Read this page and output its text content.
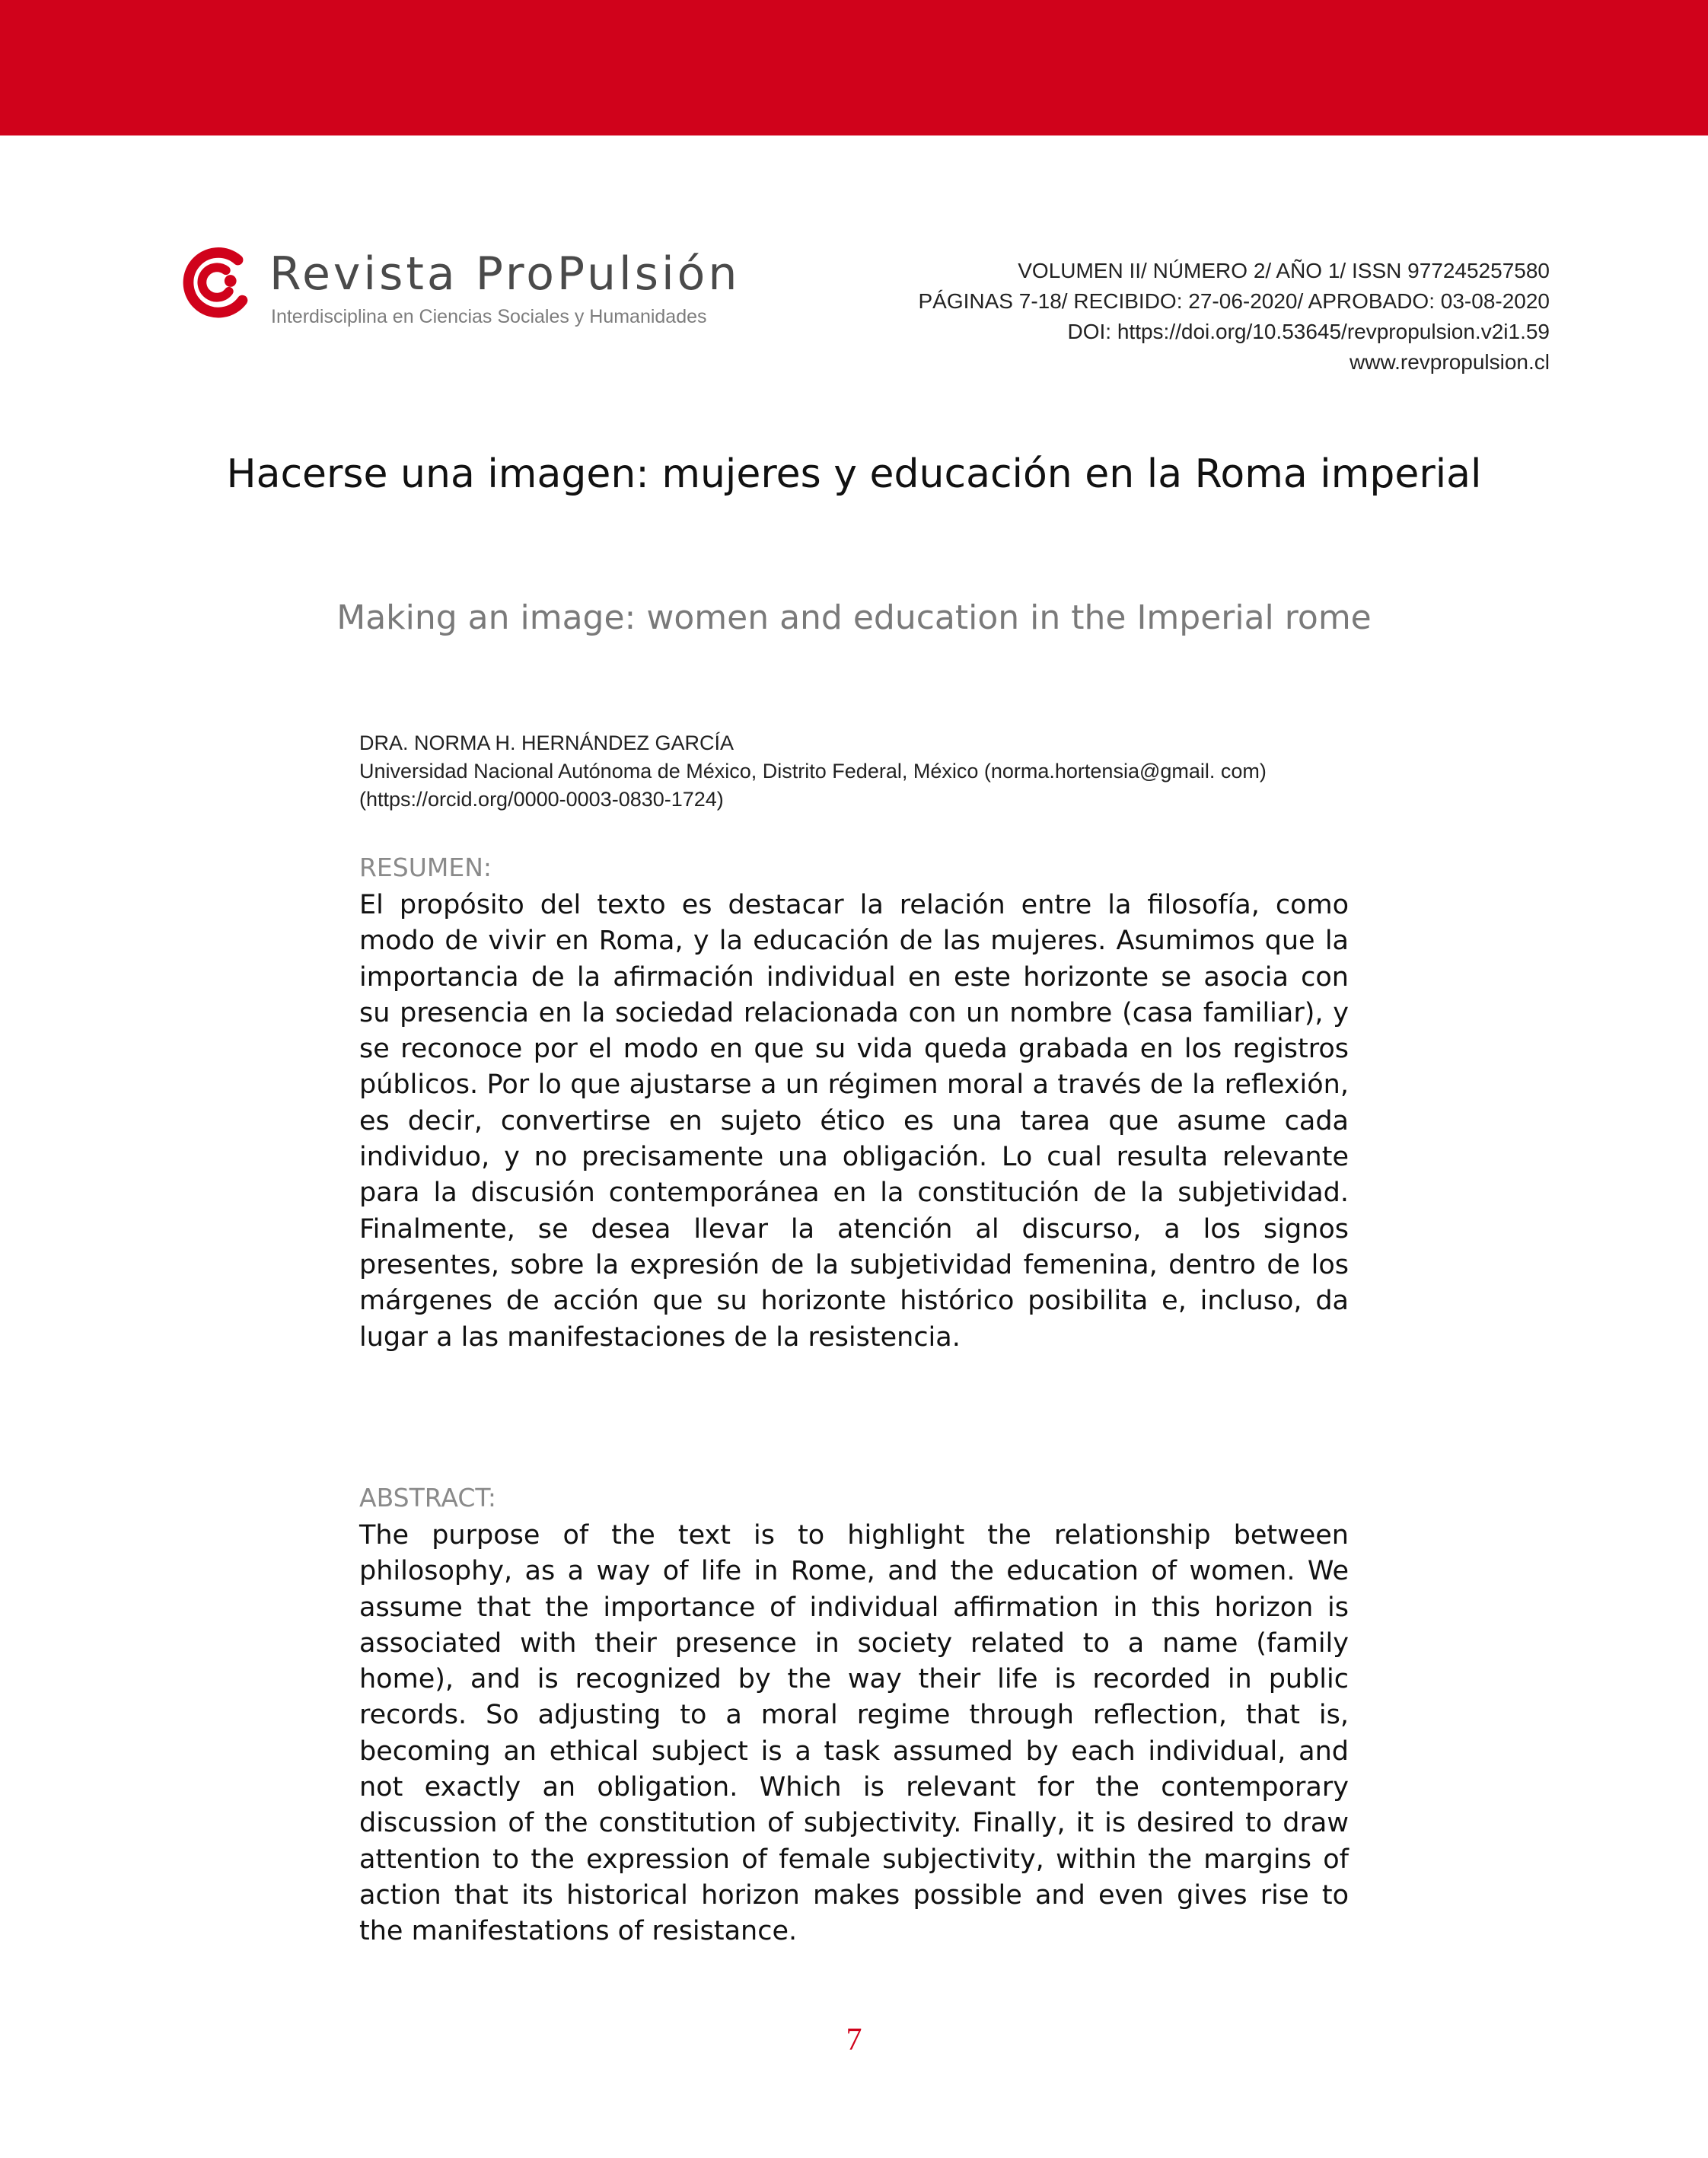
Revista ProPulsión
Interdisciplina en Ciencias Sociales y Humanidades
VOLUMEN II/ NÚMERO 2/ AÑO 1/ ISSN 977245257580
PÁGINAS 7-18/ RECIBIDO: 27-06-2020/ APROBADO: 03-08-2020
DOI: https://doi.org/10.53645/revpropulsion.v2i1.59
www.revpropulsion.cl
Hacerse una imagen: mujeres y educación en la Roma imperial

Making an image: women and education in the Imperial rome

DRA. NORMA H. HERNÁNDEZ GARCÍA
Universidad Nacional Autónoma de México, Distrito Federal, México (norma.hortensia@gmail. com)(https://orcid.org/0000-0003-0830-1724)
RESUMEN:

El propósito del texto es destacar la relación entre la filosofía, como modo de vivir en Roma, y la educación de las mujeres. Asumimos que la importancia de la afirmación individual en este horizonte se asocia con su presencia en la sociedad relacionada con un nombre (casa familiar), y se reconoce por el modo en que su vida queda grabada en los registros públicos. Por lo que ajustarse a un régimen moral a través de la reflexión, es decir, convertirse en sujeto ético es una tarea que asume cada individuo, y no precisamente una obligación. Lo cual resulta relevante para la discusión contemporánea en la constitución de la subjetividad. Finalmente, se desea llevar la atención al discurso, a los signos presentes, sobre la expresión de la subjetividad femenina, dentro de los márgenes de acción que su horizonte histórico posibilita e, incluso, da lugar a las manifestaciones de la resistencia.

ABSTRACT:

The purpose of the text is to highlight the relationship between philosophy, as a way of life in Rome, and the education of women. We assume that the importance of individual affirmation in this horizon is associated with their presence in society related to a name (family home), and is recognized by the way their life is recorded in public records. So adjusting to a moral regime through reflection, that is, becoming an ethical subject is a task assumed by each individual, and not exactly an obligation. Which is relevant for the contemporary discussion of the constitution of subjectivity. Finally, it is desired to draw attention to the expression of female subjectivity, within the margins of action that its historical horizon makes possible and even gives rise to the manifestations of resistance.

7
